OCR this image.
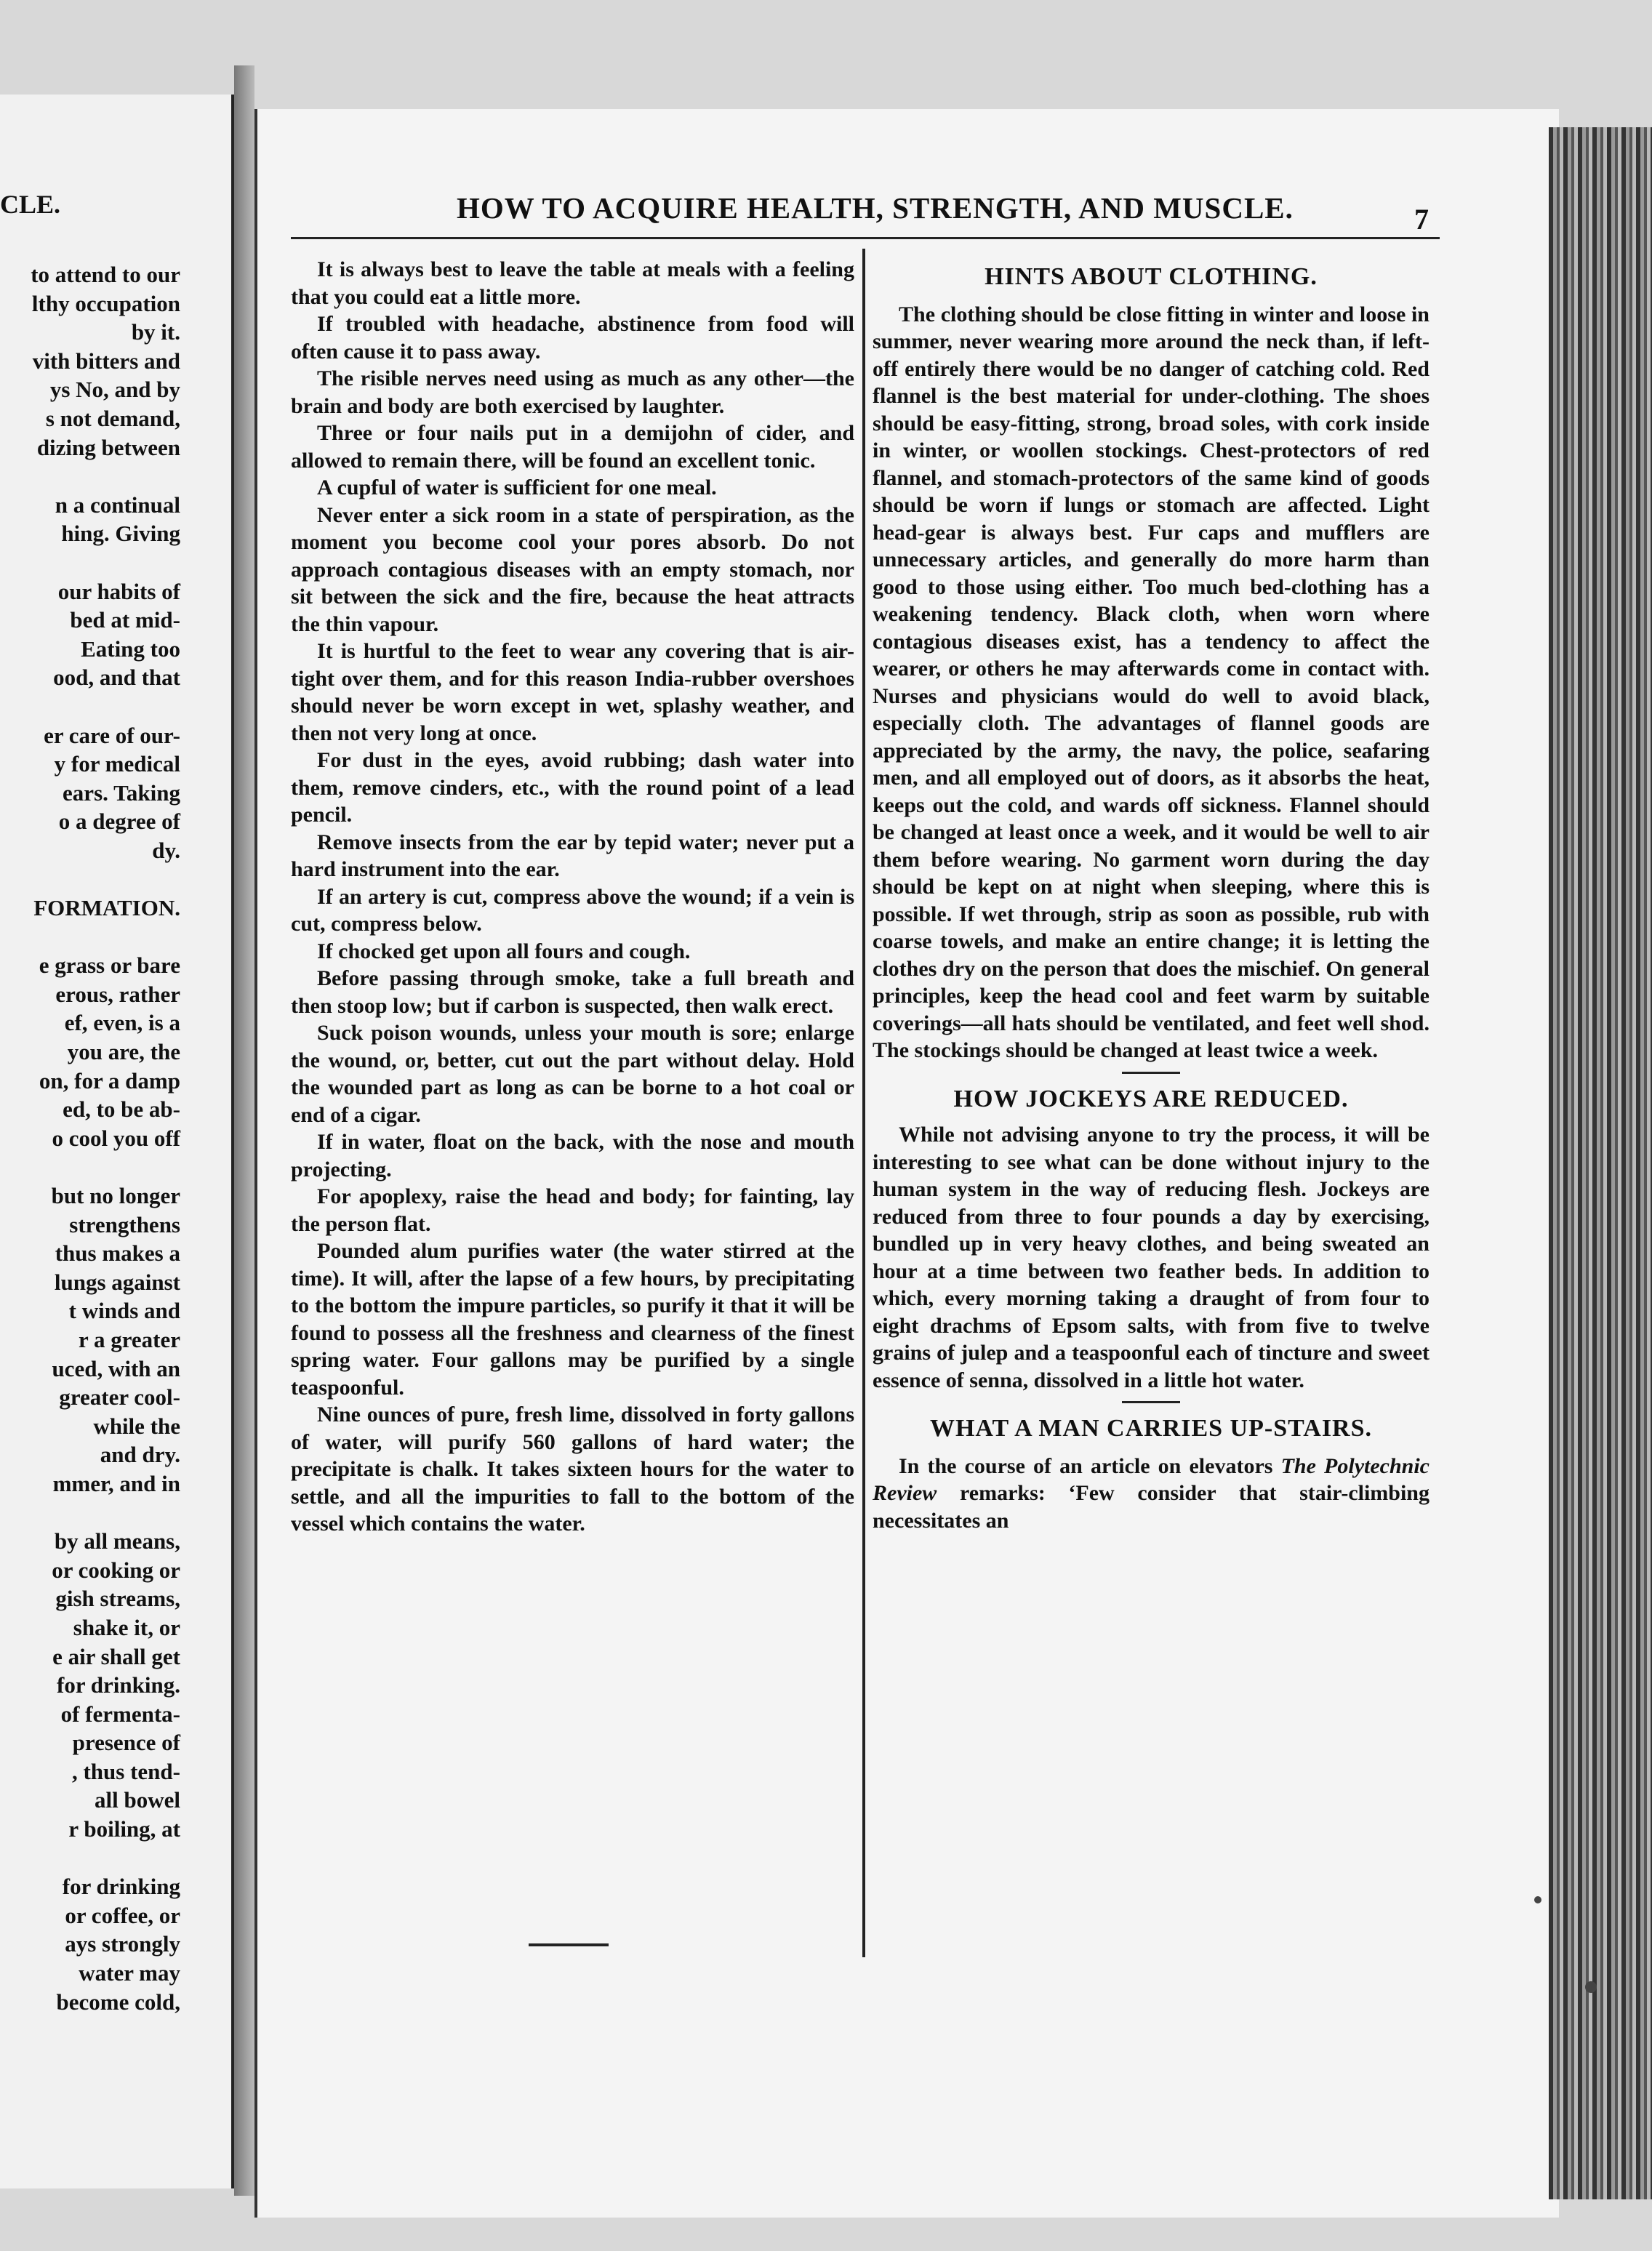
CLE.
to attend to our
lthy occupation
by it.
vith bitters and
ys No, and by
s not demand,
dizing between
n a continual
hing. Giving
our habits of
bed at mid-
Eating too
ood, and that
er care of our-
y for medical
ears. Taking
o a degree of
dy.
FORMATION.
e grass or bare
erous, rather
ef, even, is a
you are, the
on, for a damp
ed, to be ab-
o cool you off
but no longer
strengthens
thus makes a
lungs against
t winds and
r a greater
uced, with an
greater cool-
while the
and dry.
mmer, and in
by all means,
or cooking or
gish streams,
shake it, or
e air shall get
for drinking.
of fermenta-
presence of
, thus tend-
all bowel
r boiling, at
for drinking
or coffee, or
ays strongly
water may
become cold,
HOW TO ACQUIRE HEALTH, STRENGTH, AND MUSCLE.	7

It is always best to leave the table at meals with a feeling that you could eat a little more.

If troubled with headache, abstinence from food will often cause it to pass away.

The risible nerves need using as much as any other—the brain and body are both exercised by laughter.

Three or four nails put in a demijohn of cider, and allowed to remain there, will be found an excellent tonic.

A cupful of water is sufficient for one meal.

Never enter a sick room in a state of perspiration, as the moment you become cool your pores absorb. Do not approach contagious diseases with an empty stomach, nor sit between the sick and the fire, because the heat attracts the thin vapour.

It is hurtful to the feet to wear any covering that is air-tight over them, and for this reason India-rubber overshoes should never be worn except in wet, splashy weather, and then not very long at once.

For dust in the eyes, avoid rubbing; dash water into them, remove cinders, etc., with the round point of a lead pencil.

Remove insects from the ear by tepid water; never put a hard instrument into the ear.

If an artery is cut, compress above the wound; if a vein is cut, compress below.

If chocked get upon all fours and cough.

Before passing through smoke, take a full breath and then stoop low; but if carbon is suspected, then walk erect.

Suck poison wounds, unless your mouth is sore; enlarge the wound, or, better, cut out the part without delay. Hold the wounded part as long as can be borne to a hot coal or end of a cigar.

If in water, float on the back, with the nose and mouth projecting.

For apoplexy, raise the head and body; for fainting, lay the person flat.

Pounded alum purifies water (the water stirred at the time). It will, after the lapse of a few hours, by precipitating to the bottom the impure particles, so purify it that it will be found to possess all the freshness and clearness of the finest spring water. Four gallons may be purified by a single teaspoonful.

Nine ounces of pure, fresh lime, dissolved in forty gallons of water, will purify 560 gallons of hard water; the precipitate is chalk. It takes sixteen hours for the water to settle, and all the impurities to fall to the bottom of the vessel which contains the water.

HINTS ABOUT CLOTHING.

The clothing should be close fitting in winter and loose in summer, never wearing more around the neck than, if left-off entirely there would be no danger of catching cold. Red flannel is the best material for under-clothing. The shoes should be easy-fitting, strong, broad soles, with cork inside in winter, or woollen stockings. Chest-protectors of red flannel, and stomach-protectors of the same kind of goods should be worn if lungs or stomach are affected. Light head-gear is always best. Fur caps and mufflers are unnecessary articles, and generally do more harm than good to those using either. Too much bed-clothing has a weakening tendency. Black cloth, when worn where contagious diseases exist, has a tendency to affect the wearer, or others he may afterwards come in contact with. Nurses and physicians would do well to avoid black, especially cloth. The advantages of flannel goods are appreciated by the army, the navy, the police, seafaring men, and all employed out of doors, as it absorbs the heat, keeps out the cold, and wards off sickness. Flannel should be changed at least once a week, and it would be well to air them before wearing. No garment worn during the day should be kept on at night when sleeping, where this is possible. If wet through, strip as soon as possible, rub with coarse towels, and make an entire change; it is letting the clothes dry on the person that does the mischief. On general principles, keep the head cool and feet warm by suitable coverings—all hats should be ventilated, and feet well shod. The stockings should be changed at least twice a week.

HOW JOCKEYS ARE REDUCED.

While not advising anyone to try the process, it will be interesting to see what can be done without injury to the human system in the way of reducing flesh. Jockeys are reduced from three to four pounds a day by exercising, bundled up in very heavy clothes, and being sweated an hour at a time between two feather beds. In addition to which, every morning taking a draught of from four to eight drachms of Epsom salts, with from five to twelve grains of julep and a teaspoonful each of tincture and sweet essence of senna, dissolved in a little hot water.

WHAT A MAN CARRIES UP-STAIRS.

In the course of an article on elevators The Polytechnic Review remarks: ‘Few consider that stair-climbing necessitates an
